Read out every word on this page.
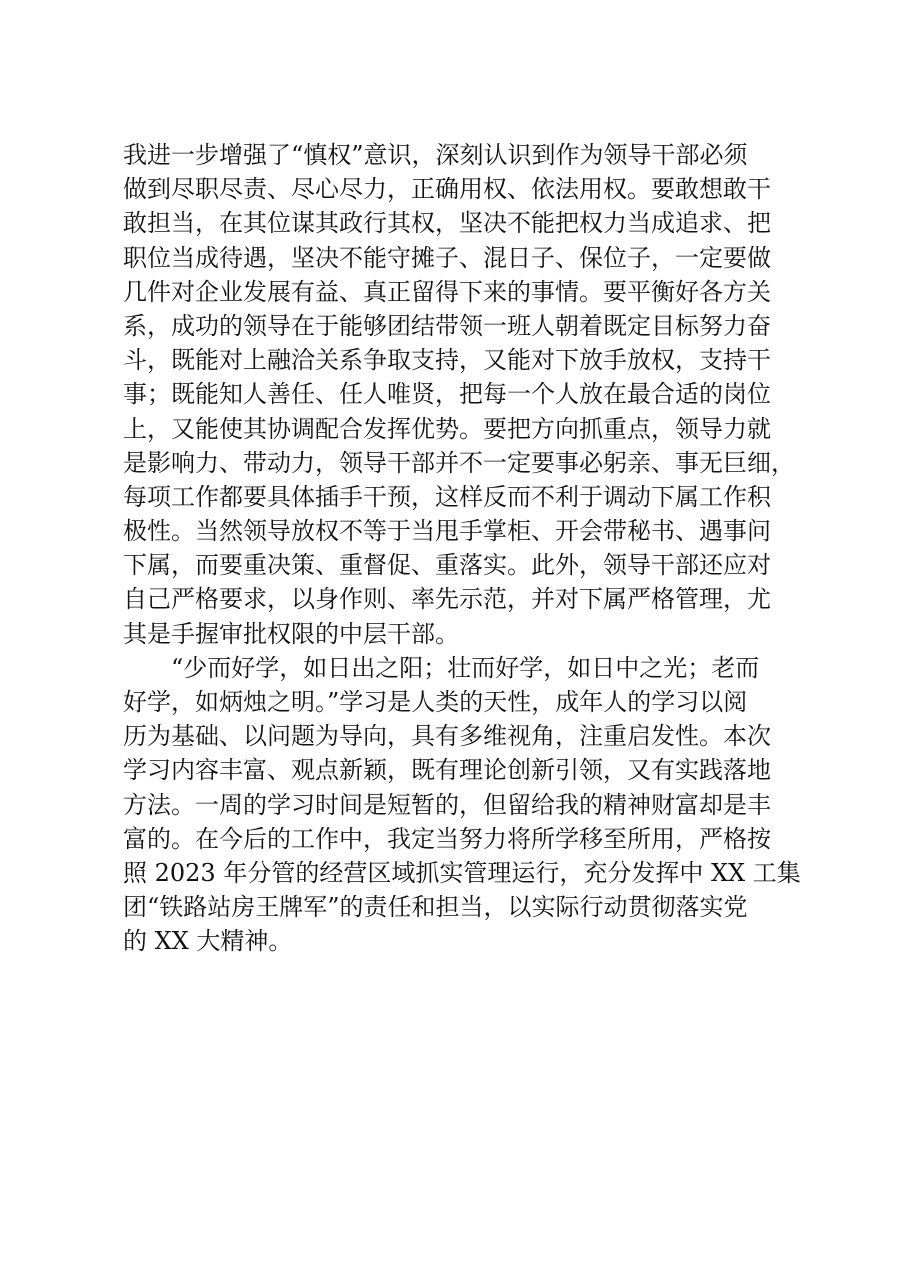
我进一步增强了“慎权”意识，深刻认识到作为领导干部必须
做到尽职尽责、尽心尽力，正确用权、依法用权。要敢想敢干
敢担当，在其位谋其政行其权，坚决不能把权力当成追求、把
职位当成待遇，坚决不能守摊子、混日子、保位子，一定要做
几件对企业发展有益、真正留得下来的事情。要平衡好各方关
系，成功的领导在于能够团结带领一班人朝着既定目标努力奋
斗，既能对上融洽关系争取支持，又能对下放手放权，支持干
事；既能知人善任、任人唯贤，把每一个人放在最合适的岗位
上，又能使其协调配合发挥优势。要把方向抓重点，领导力就
是影响力、带动力，领导干部并不一定要事必躬亲、事无巨细，
每项工作都要具体插手干预，这样反而不利于调动下属工作积
极性。当然领导放权不等于当甩手掌柜、开会带秘书、遇事问
下属，而要重决策、重督促、重落实。此外，领导干部还应对
自己严格要求，以身作则、率先示范，并对下属严格管理，尤
其是手握审批权限的中层干部。
“少而好学，如日出之阳；壮而好学，如日中之光；老而
好学，如炳烛之明。”学习是人类的天性，成年人的学习以阅
历为基础、以问题为导向，具有多维视角，注重启发性。本次
学习内容丰富、观点新颖，既有理论创新引领，又有实践落地
方法。一周的学习时间是短暂的，但留给我的精神财富却是丰
富的。在今后的工作中，我定当努力将所学移至所用，严格按
照 2023 年分管的经营区域抓实管理运行，充分发挥中 XX 工集
团“铁路站房王牌军”的责任和担当，以实际行动贯彻落实党
的 XX 大精神。
